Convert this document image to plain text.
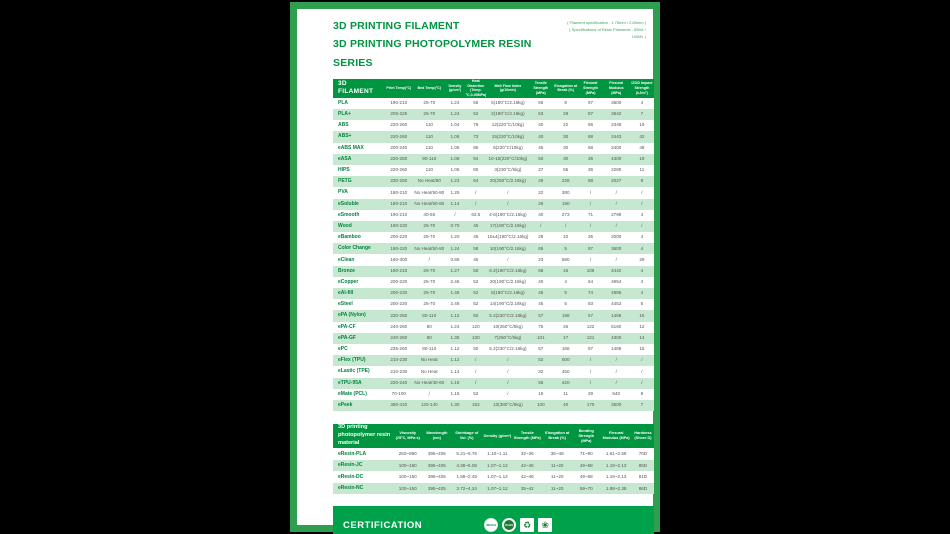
3D PRINTING FILAMENT
3D PRINTING PHOTOPOLYMER RESIN SERIES
( Filament specification : 1.75mm / 2.85mm )
( Specifications of Resin Filaments : 50ML / 100ML )
3D FILAMENT	Print Temp(°C)	Bed Temp(°C)	Density (g/cm³)	Heat Distortion (Temp.°C,0.45MPa)	Melt Flow Index (g/10min)	Tensile Strength (MPa)	Elongation at Break (%)	Flexural Strength (MPa)	Flexural Modulus (MPa)	IZOD Impact Strength (kJ/m²)
PLA	190-210	25-70	1.24	56	5(190°C/2.16kg)	65	8	97	3600	4
PLA+	205-225	25-70	1.24	52	2(190°C/2.16kg)	63	29	87	3642	7
ABS	220-260	110	1.04	76	12(220°C/10kg)	40	22	66	2348	19
ABS+	220-260	110	1.06	73	15(220°C/10kg)	40	30	68	2443	42
eABS MAX	200-240	110	1.05	85	6(220°C/10kg)	45	30	58	2400	48
eASA	220-260	90-110	1.08	94	10-15(220°C/10kg)	50	30	36	4300	19
HIPS	220-260	110	1.05	80	3(230°C/5kg)	27	55	36	2280	11
PETG	230-250	No Heat/80	1.23	64	20(250°C/2.16kg)	49	228	68	2027	8
PVA	180-210	No Heat/50-80	1.25	/	/	22	380	/	/	/
eSoluble	180-210	No Heat/50-80	1.14	/	/	26	190	/	/	/
eSmooth	190-210	40-55	/	63.5	4-6(190°C/2.16kg)	40	273	71	2799	4
Wood	190-220	25-70	0.70	45	17(190°C/2.16kg)	/	/	/	/	/
eBamboo	200-220	25-70	1.20	45	10±4(190°C/2.16kg)	28	10	35	2000	4
Color Change	190-220	No Heat/50-80	1.24	58	10(190°C/2.16kg)	65	5	97	3600	4
eClean	160-300	/	0.86	45	/	23	580	/	/	29
Bronze	190-210	25-70	1.27	50	6.2(190°C/2.16kg)	66	16	106	4442	4
eCopper	200-220	25-70	2.46	52	20(190°C/2.16kg)	40	4	64	4954	4
eAl-fill	200-220	25-70	1.46	52	8(190°C/2.16kg)	45	5	74	4985	4
eSteel	200-220	25-70	2.46	52	14(190°C/2.16kg)	45	5	83	4452	5
ePA (Nylon)	230-260	80-110	1.12	50	5.2(230°C/2.16kg)	57	198	57	1486	15
ePA-CF	240-260	80	1.24	120	10(250°C/5kg)	75	26	122	5160	12
ePA-GF	240-260	80	1.35	130	7(250°C/5kg)	101	17	121	4300	14
ePC	235-260	80-110	1.12	50	5.2(230°C/2.16kg)	57	168	57	1486	15
eFlex (TPU)	210-230	No Heat	1.12	/	/	52	500	/	/	/
eLastic (TPE)	210-230	No Heat	1.14	/	/	32	450	/	/	/
eTPU-95A	220-240	No Heat/40-60	1.15	/	/	55	420	/	/	/
eMate (PCL)	70-100	/	1.15	52	/	16	11	29	540	8
ePeek	380-410	120-140	1.30	152	10(380°C/5kg)	100	40	170	3500	7
3D printing photopolymer resin material	Viscosity (25°C, MPa·s)	Wavelength (nm)	Shrinkage of Vol. (%)	Density (g/cm³)	Tensile Strength (MPa)	Elongation at Break (%)	Bending Strength (MPa)	Flexural Modulus (MPa)	Hardness (Shore D)
eResin-PLA	250~850	395~405	5.21~5.76	1.10~1.11	32~36	36~48	71~80	1.61~2.58	70D
eResin-JC	100~150	395~405	4.38~5.08	1.07~1.12	42~46	11~20	49~58	1.19~2.13	85D
eResin-DC	100~150	395~405	1.88~2.45	1.07~1.12	42~46	11~20	49~58	1.19~2.13	81D
eResin-NC	100~150	395~405	3.72~4.24	1.07~1.12	35~42	11~20	59~70	1.88~2.38	86D
CERTIFICATION	REACH	RoHS
♻
❀
